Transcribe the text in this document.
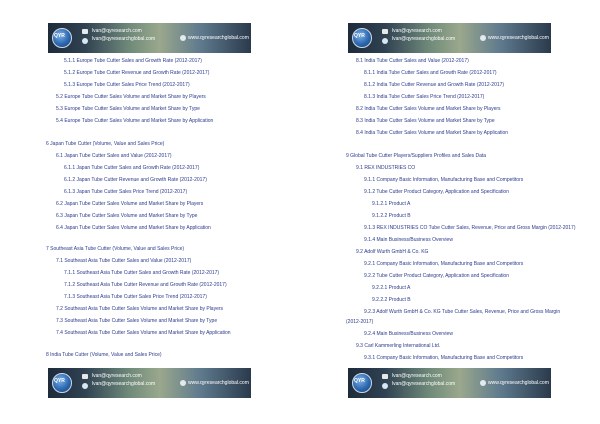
QYR
lvan@qyresearch.com
lvan@qyresearchglobal.com	www.qyresearchglobal.com
5.1.1 Europe Tube Cutter Sales and Growth Rate (2012-2017)
5.1.2 Europe Tube Cutter Revenue and Growth Rate (2012-2017)
5.1.3 Europe Tube Cutter Sales Price Trend (2012-2017)
5.2 Europe Tube Cutter Sales Volume and Market Share by Players
5.3 Europe Tube Cutter Sales Volume and Market Share by Type
5.4 Europe Tube Cutter Sales Volume and Market Share by Application
6 Japan Tube Cutter (Volume, Value and Sales Price)
6.1 Japan Tube Cutter Sales and Value (2012-2017)
6.1.1 Japan Tube Cutter Sales and Growth Rate (2012-2017)
6.1.2 Japan Tube Cutter Revenue and Growth Rate (2012-2017)
6.1.3 Japan Tube Cutter Sales Price Trend (2012-2017)
6.2 Japan Tube Cutter Sales Volume and Market Share by Players
6.3 Japan Tube Cutter Sales Volume and Market Share by Type
6.4 Japan Tube Cutter Sales Volume and Market Share by Application
7 Southeast Asia Tube Cutter (Volume, Value and Sales Price)
7.1 Southeast Asia Tube Cutter Sales and Value (2012-2017)
7.1.1 Southeast Asia Tube Cutter Sales and Growth Rate (2012-2017)
7.1.2 Southeast Asia Tube Cutter Revenue and Growth Rate (2012-2017)
7.1.3 Southeast Asia Tube Cutter Sales Price Trend (2012-2017)
7.2 Southeast Asia Tube Cutter Sales Volume and Market Share by Players
7.3 Southeast Asia Tube Cutter Sales Volume and Market Share by Type
7.4 Southeast Asia Tube Cutter Sales Volume and Market Share by Application
8 India Tube Cutter (Volume, Value and Sales Price)
QYR
lvan@qyresearch.com
lvan@qyresearchglobal.com	www.qyresearchglobal.com
QYR
lvan@qyresearch.com
lvan@qyresearchglobal.com	www.qyresearchglobal.com
8.1 India Tube Cutter Sales and Value (2012-2017)
8.1.1 India Tube Cutter Sales and Growth Rate (2012-2017)
8.1.2 India Tube Cutter Revenue and Growth Rate (2012-2017)
8.1.3 India Tube Cutter Sales Price Trend (2012-2017)
8.2 India Tube Cutter Sales Volume and Market Share by Players
8.3 India Tube Cutter Sales Volume and Market Share by Type
8.4 India Tube Cutter Sales Volume and Market Share by Application
9 Global Tube Cutter Players/Suppliers Profiles and Sales Data
9.1 REX INDUSTRIES CO
9.1.1 Company Basic Information, Manufacturing Base and Competitors
9.1.2 Tube Cutter Product Category, Application and Specification
9.1.2.1 Product A
9.1.2.2 Product B
9.1.3 REX INDUSTRIES CO Tube Cutter Sales, Revenue, Price and Gross Margin (2012-2017)
9.1.4 Main Business/Business Overview
9.2 Adolf Wurth GmbH & Co. KG
9.2.1 Company Basic Information, Manufacturing Base and Competitors
9.2.2 Tube Cutter Product Category, Application and Specification
9.2.2.1 Product A
9.2.2.2 Product B
9.2.3 Adolf Wurth GmbH & Co. KG Tube Cutter Sales, Revenue, Price and Gross Margin
(2012-2017)
9.2.4 Main Business/Business Overview
9.3 Carl Kammerling International Ltd.
9.3.1 Company Basic Information, Manufacturing Base and Competitors
QYR
lvan@qyresearch.com
lvan@qyresearchglobal.com	www.qyresearchglobal.com
